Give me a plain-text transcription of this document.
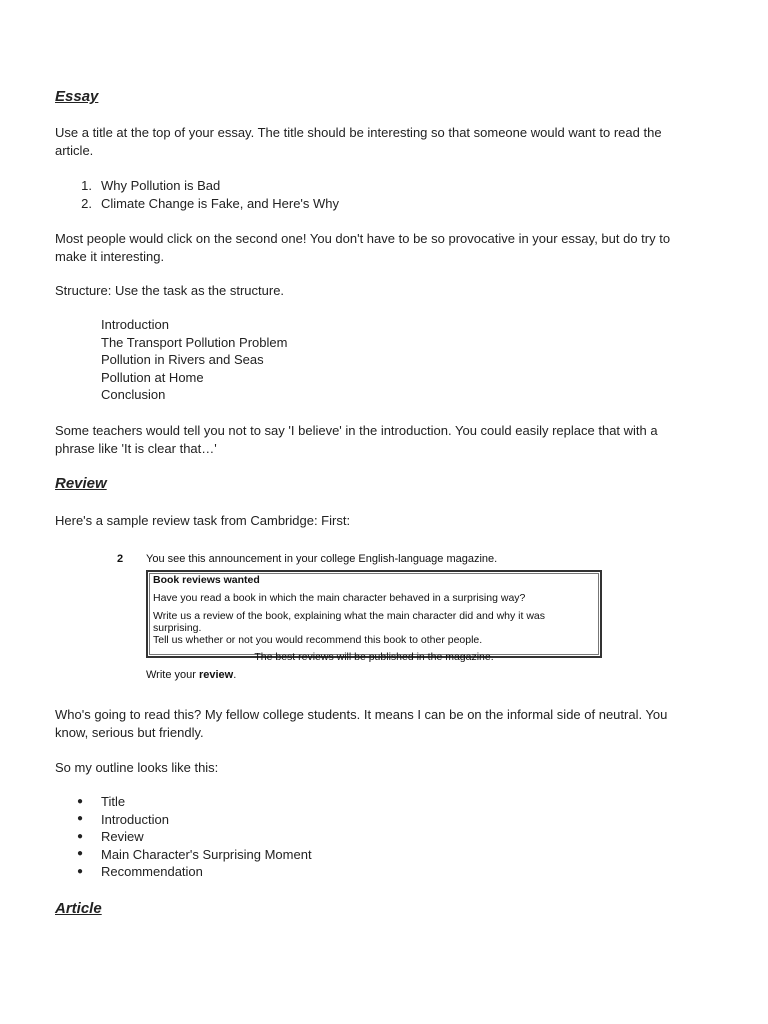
Essay

Use a title at the top of your essay. The title should be interesting so that someone would want to read the article.

1. Why Pollution is Bad
2. Climate Change is Fake, and Here's Why

Most people would click on the second one! You don't have to be so provocative in your essay, but do try to make it interesting.

Structure: Use the task as the structure.

Introduction
The Transport Pollution Problem
Pollution in Rivers and Seas
Pollution at Home
Conclusion

Some teachers would tell you not to say 'I believe' in the introduction. You could easily replace that with a phrase like 'It is clear that…'

Review

Here's a sample review task from Cambridge: First:

2 You see this announcement in your college English-language magazine.
Book reviews wanted
Have you read a book in which the main character behaved in a surprising way?
Write us a review of the book, explaining what the main character did and why it was surprising.
Tell us whether or not you would recommend this book to other people.
The best reviews will be published in the magazine.
Write your review.

Who's going to read this? My fellow college students. It means I can be on the informal side of neutral. You know, serious but friendly.

So my outline looks like this:

●	Title
●	Introduction
●	Review
●	Main Character's Surprising Moment
●	Recommendation
Article
